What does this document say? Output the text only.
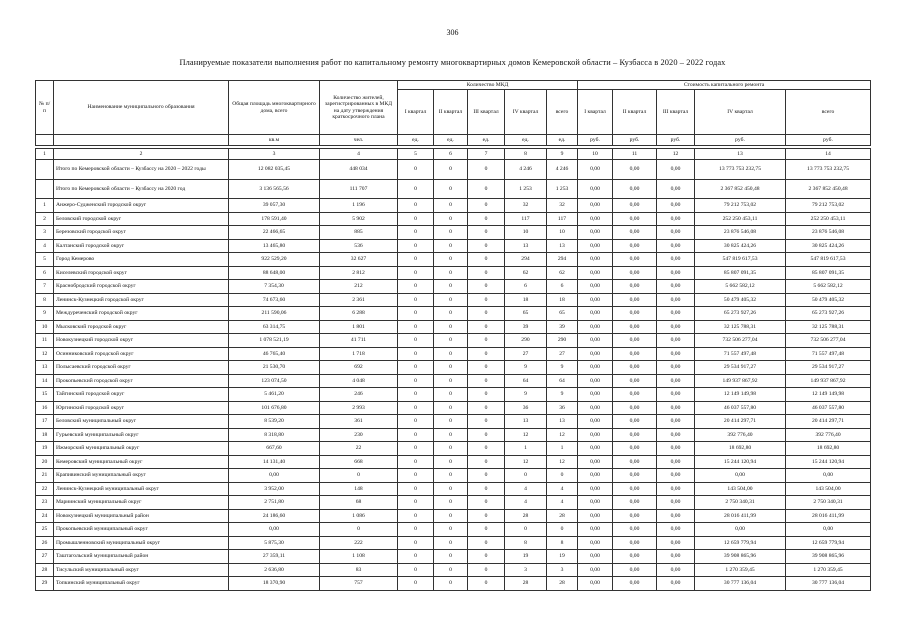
306
Планируемые показатели выполнения работ по капитальному ремонту многоквартирных домов Кемеровской области – Кузбасса в 2020 – 2022 годах
№ п/п	Наименование муниципального образования	Общая площадь многоквартирного дома, всего	Количество жителей, зарегистрированных в МКД на дату утверждения краткосрочного плана	Количество МКД					Стоимость капитального ремонта				
				I квартал	II квартал	III квартал	IV квартал	всего	I квартал	II квартал	III квартал	IV квартал	всего
		кв.м	чел.	ед.	ед.	ед.	ед.	ед.	руб.	руб.	руб.	руб.	руб.

1	2	3	4	5	6	7	8	9	10	11	12	13	14
	Итого по Кемеровской области – Кузбассу на 2020 – 2022 годы	12 082 035,45	448 034	0	0	0	4 246	4 246	0,00	0,00	0,00	13 773 753 232,75	13 773 753 232,75
	Итого по Кемеровской области – Кузбассу на 2020 год	3 136 565,56	111 707	0	0	0	1 253	1 253	0,00	0,00	0,00	2 367 852 450,48	2 367 852 450,48
1	Анжеро-Судженский городской округ	39 057,30	1 196	0	0	0	32	32	0,00	0,00	0,00	79 212 753,02	79 212 753,02
2	Беловский городской округ	178 591,40	5 902	0	0	0	117	117	0,00	0,00	0,00	252 250 453,11	252 250 453,11
3	Березовский городской округ	22 466,65	885	0	0	0	10	10	0,00	0,00	0,00	23 876 546,08	23 876 546,08
4	Калтанский городской округ	13 465,80	536	0	0	0	13	13	0,00	0,00	0,00	30 825 424,26	30 825 424,26
5	Город Кемерово	922 529,20	32 627	0	0	0	294	294	0,00	0,00	0,00	547 819 617,53	547 819 617,53
6	Киселевский городской округ	88 648,00	2 812	0	0	0	62	62	0,00	0,00	0,00	85 807 091,35	85 807 091,35
7	Краснобродский городской округ	7 354,30	212	0	0	0	6	6	0,00	0,00	0,00	5 662 582,12	5 662 582,12
8	Ленинск-Кузнецкий городской округ	74 673,60	2 361	0	0	0	18	18	0,00	0,00	0,00	50 479 405,32	50 479 405,32
9	Междуреченский городской округ	211 590,06	6 288	0	0	0	65	65	0,00	0,00	0,00	65 273 927,26	65 273 927,26
10	Мысковский городской округ	63 314,75	1 801	0	0	0	39	39	0,00	0,00	0,00	32 125 788,31	32 125 788,31
11	Новокузнецкий городской округ	1 078 521,19	41 711	0	0	0	290	290	0,00	0,00	0,00	732 506 277,04	732 506 277,04
12	Осинниковский городской округ	46 765,40	1 718	0	0	0	27	27	0,00	0,00	0,00	71 557 497,48	71 557 497,48
13	Полысаевский городской округ	21 530,70	692	0	0	0	9	9	0,00	0,00	0,00	29 534 917,27	29 534 917,27
14	Прокопьевский городской округ	123 074,50	4 048	0	0	0	64	64	0,00	0,00	0,00	149 937 867,92	149 937 867,92
15	Тайгинский городской округ	5 461,20	246	0	0	0	9	9	0,00	0,00	0,00	12 149 149,98	12 149 149,98
16	Юргинский городской округ	101 676,80	2 993	0	0	0	36	36	0,00	0,00	0,00	46 037 557,80	46 037 557,80
17	Беловский муниципальный округ	8 539,20	361	0	0	0	13	13	0,00	0,00	0,00	20 414 297,71	20 414 297,71
18	Гурьевский муниципальный округ	8 318,80	230	0	0	0	12	12	0,00	0,00	0,00	392 776,40	392 776,40
19	Ижморский муниципальный округ	667,60	22	0	0	0	1	1	0,00	0,00	0,00	18 692,80	18 692,80
20	Кемеровский муниципальный округ	14 131,40	668	0	0	0	12	12	0,00	0,00	0,00	15 244 120,94	15 244 120,94
21	Крапивинский муниципальный округ	0,00	0	0	0	0	0	0	0,00	0,00	0,00	0,00	0,00
22	Ленинск-Кузнецкий муниципальный округ	3 952,00	148	0	0	0	4	4	0,00	0,00	0,00	143 504,00	143 504,00
23	Мариинский муниципальный округ	2 751,80	68	0	0	0	4	4	0,00	0,00	0,00	2 750 340,31	2 750 340,31
24	Новокузнецкий муниципальный район	24 186,60	1 086	0	0	0	28	28	0,00	0,00	0,00	28 016 411,99	28 016 411,99
25	Прокопьевский муниципальный округ	0,00	0	0	0	0	0	0	0,00	0,00	0,00	0,00	0,00
26	Промышленновский муниципальный округ	5 875,30	222	0	0	0	8	8	0,00	0,00	0,00	12 659 779,94	12 659 779,94
27	Таштагольский муниципальный район	27 359,11	1 108	0	0	0	19	19	0,00	0,00	0,00	39 908 865,96	39 908 865,96
28	Тисульский муниципальный округ	2 636,80	83	0	0	0	3	3	0,00	0,00	0,00	1 270 359,45	1 270 359,45
29	Топкинский муниципальный округ	18 370,90	757	0	0	0	28	28	0,00	0,00	0,00	30 777 136,04	30 777 136,04
